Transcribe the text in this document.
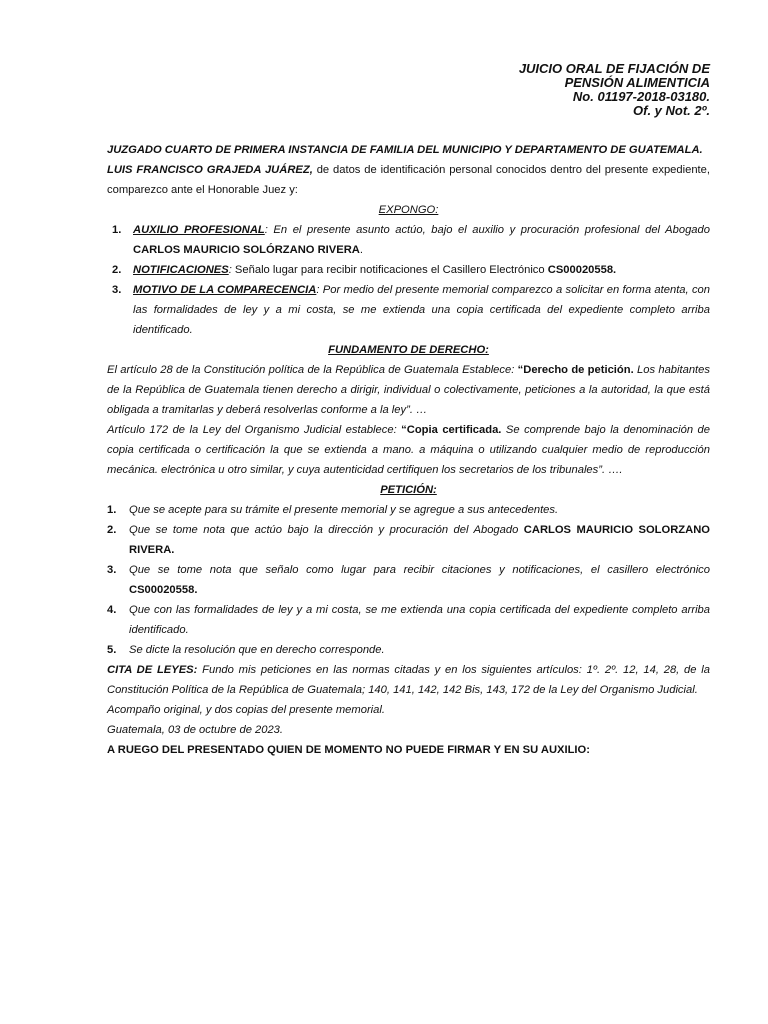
JUICIO ORAL DE FIJACIÓN DE
PENSIÓN ALIMENTICIA
No. 01197-2018-03180.
Of. y Not. 2º.

JUZGADO CUARTO DE PRIMERA INSTANCIA DE FAMILIA DEL MUNICIPIO Y DEPARTAMENTO DE GUATEMALA.

LUIS FRANCISCO GRAJEDA JUÁREZ, de datos de identificación personal conocidos dentro del presente expediente, comparezco ante el Honorable Juez y:

EXPONGO:

1. AUXILIO PROFESIONAL: En el presente asunto actúo, bajo el auxilio y procuración profesional del Abogado CARLOS MAURICIO SOLÓRZANO RIVERA.
2. NOTIFICACIONES: Señalo lugar para recibir notificaciones el Casillero Electrónico CS00020558.
3. MOTIVO DE LA COMPARECENCIA: Por medio del presente memorial comparezco a solicitar en forma atenta, con las formalidades de ley y a mi costa, se me extienda una copia certificada del expediente completo arriba identificado.

FUNDAMENTO DE DERECHO:

El artículo 28 de la Constitución política de la República de Guatemala Establece: “Derecho de petición. Los habitantes de la República de Guatemala tienen derecho a dirigir, individual o colectivamente, peticiones a la autoridad, la que está obligada a tramitarlas y deberá resolverlas conforme a la ley”. …

Artículo 172 de la Ley del Organismo Judicial establece: “Copia certificada. Se comprende bajo la denominación de copia certificada o certificación la que se extienda a mano. a máquina o utilizando cualquier medio de reproducción mecánica. electrónica u otro similar, y cuya autenticidad certifiquen los secretarios de los tribunales”. ….

PETICIÓN:

1. Que se acepte para su trámite el presente memorial y se agregue a sus antecedentes.
2. Que se tome nota que actúo bajo la dirección y procuración del Abogado CARLOS MAURICIO SOLORZANO RIVERA.
3. Que se tome nota que señalo como lugar para recibir citaciones y notificaciones, el casillero electrónico CS00020558.
4. Que con las formalidades de ley y a mi costa, se me extienda una copia certificada del expediente completo arriba identificado.
5. Se dicte la resolución que en derecho corresponde.

CITA DE LEYES: Fundo mis peticiones en las normas citadas y en los siguientes artículos: 1º. 2º. 12, 14, 28, de la Constitución Política de la República de Guatemala; 140, 141, 142, 142 Bis, 143, 172 de la Ley del Organismo Judicial.

Acompaño original, y dos copias del presente memorial.

Guatemala, 03 de octubre de 2023.

A RUEGO DEL PRESENTADO QUIEN DE MOMENTO NO PUEDE FIRMAR Y EN SU AUXILIO:
